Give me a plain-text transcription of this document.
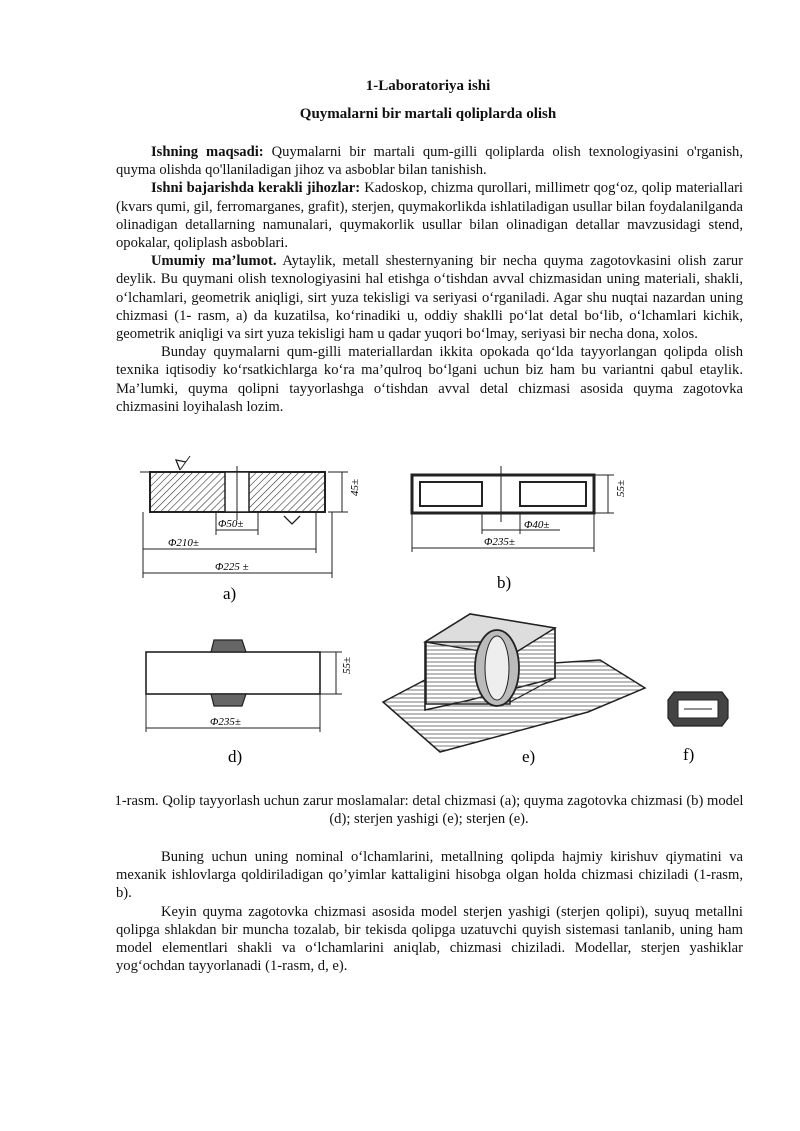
1-Laboratoriya ishi
Quymalarni bir martali qoliplarda olish

Ishning maqsadi: Quymalarni bir martali qum-gilli qoliplarda olish texnologiyasini o'rganish, quyma olishda qo'llaniladigan jihoz va asboblar bilan tanishish.

Ishni bajarishda kerakli jihozlar: Kadoskop, chizma qurollari, millimetr qog‘oz, qolip materiallari (kvars qumi, gil, ferromarganes, grafit), sterjen, quymakorlikda ishlatiladigan usullar bilan foydalanilganda olinadigan detallarning namunalari, quymakorlik usullar bilan olinadigan detallar mavzusidagi stend, opokalar, qoliplash asboblari.

Umumiy ma’lumot. Aytaylik, metall shesternyaning bir necha quyma zagotovkasini olish zarur deylik. Bu quymani olish texnologiyasini hal etishga o‘tishdan avval chizmasidan uning materiali, shakli, o‘lchamlari, geometrik aniqligi, sirt yuza tekisligi va seriyasi o‘rganiladi. Agar shu nuqtai nazardan uning chizmasi (1- rasm, a) da kuzatilsa, ko‘rinadiki u, oddiy shaklli po‘lat detal bo‘lib, o‘lchamlari kichik, geometrik aniqligi va sirt yuza tekisligi ham u qadar yuqori bo‘lmay, seriyasi bir necha dona, xolos.

Bunday quymalarni qum-gilli materiallardan ikkita opokada qo‘lda tayyorlangan qolipda olish texnika iqtisodiy ko‘rsatkichlarga ko‘ra ma’qulroq bo‘lgani uchun biz ham bu variantni qabul etaylik. Ma’lumki, quyma qolipni tayyorlashga o‘tishdan avval detal chizmasi asosida quyma zagotovka chizmasini loyihalash lozim.

45±
Φ50±
Φ210±
Φ225 ±
a)
55±
Φ40±
Φ235±
b)
55±
Φ235±
d)	e)	f)
1-rasm. Qolip tayyorlash uchun zarur moslamalar: detal chizmasi (a); quyma zagotovka chizmasi (b) model (d); sterjen yashigi (e); sterjen (e).

Buning uchun uning nominal o‘lchamlarini, metallning qolipda hajmiy kirishuv qiymatini va mexanik ishlovlarga qoldiriladigan qo’yimlar kattaligini hisobga olgan holda chizmasi chiziladi (1-rasm, b).

Keyin quyma zagotovka chizmasi asosida model sterjen yashigi (sterjen qolipi), suyuq metallni qolipga shlakdan bir muncha tozalab, bir tekisda qolipga uzatuvchi quyish sistemasi tanlanib, uning ham model elementlari shakli va o‘lchamlarini aniqlab, chizmasi chiziladi. Modellar, sterjen yashiklar yog‘ochdan tayyorlanadi (1-rasm, d, e).
